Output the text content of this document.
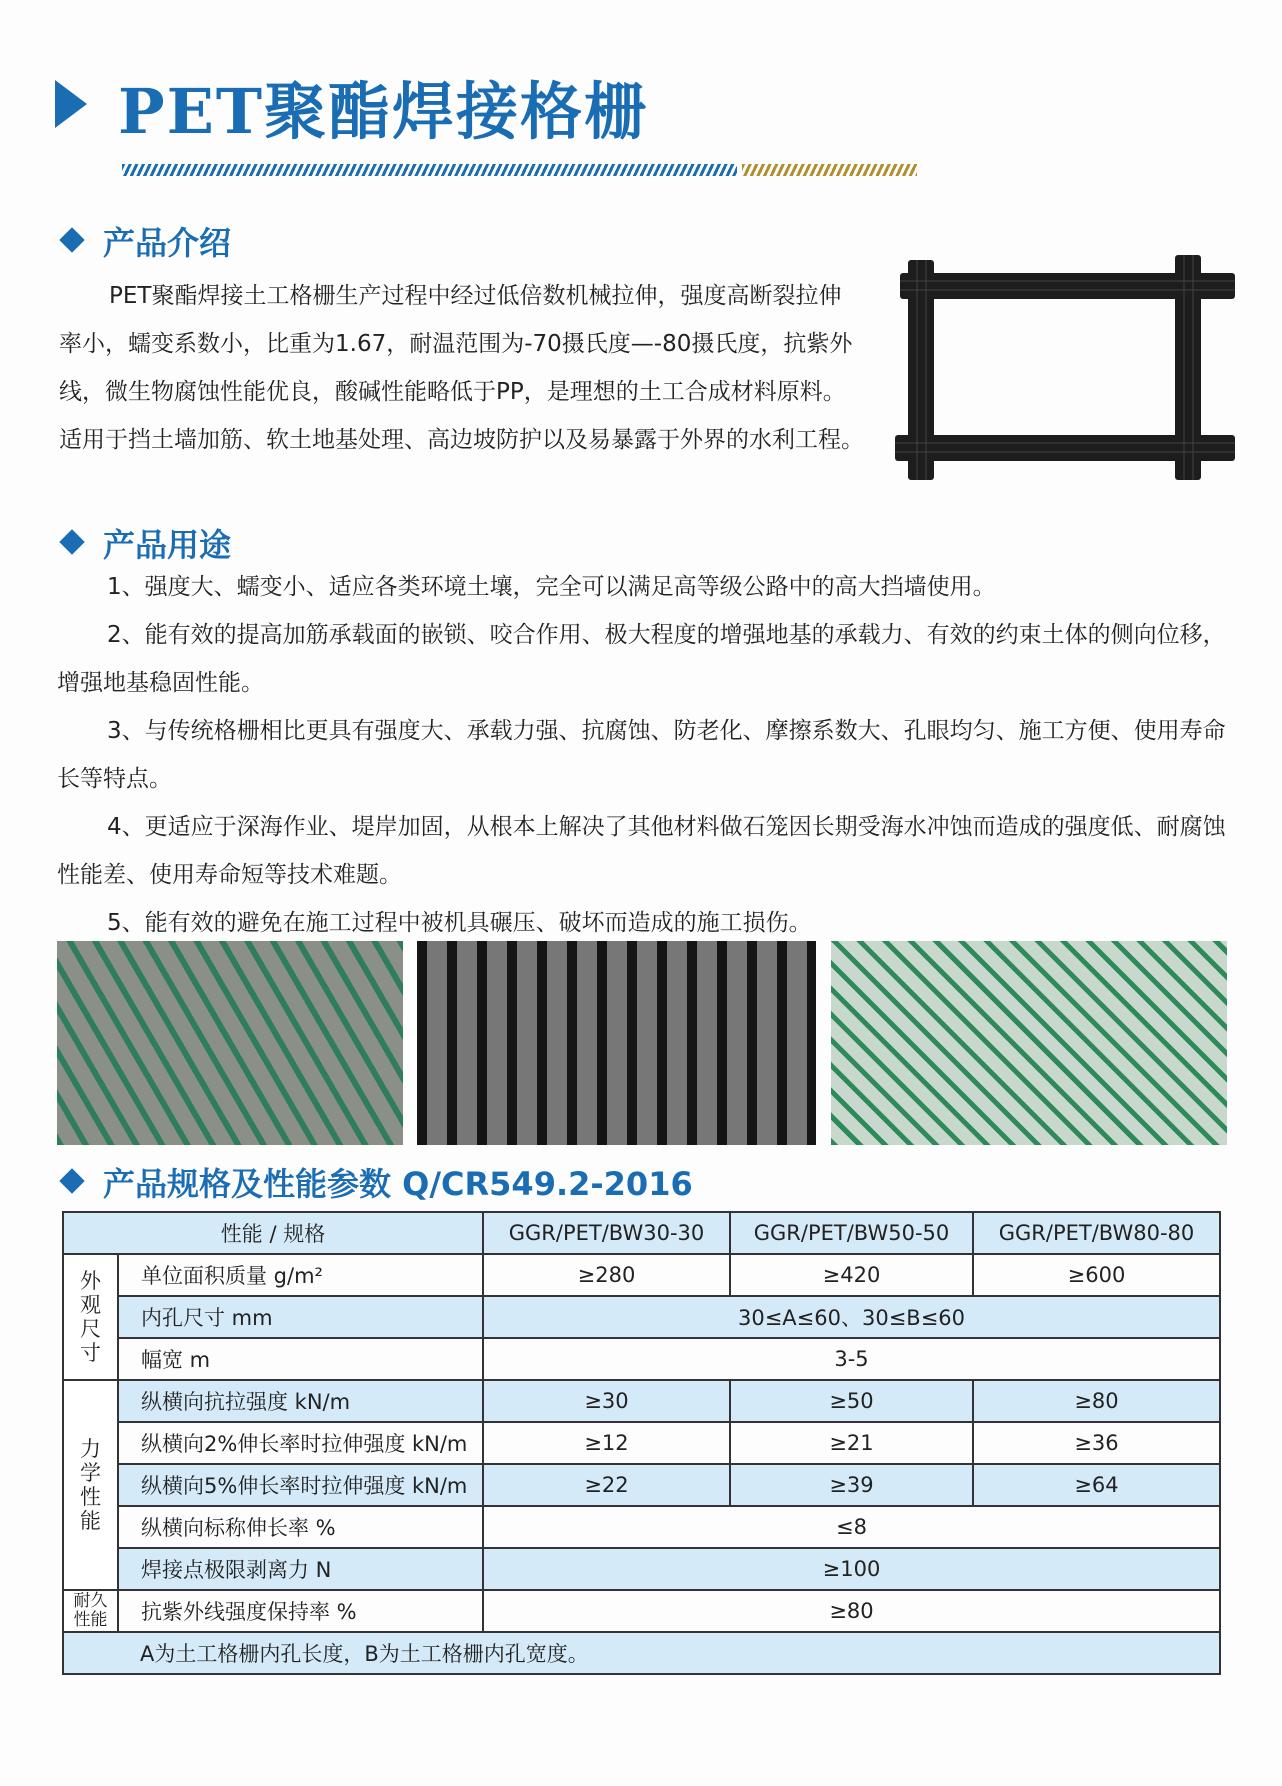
PET聚酯焊接格栅
产品介绍
PET聚酯焊接土工格栅生产过程中经过低倍数机械拉伸，强度高断裂拉伸率小，蠕变系数小，比重为1.67，耐温范围为-70摄氏度—-80摄氏度，抗紫外线，微生物腐蚀性能优良，酸碱性能略低于PP，是理想的土工合成材料原料。适用于挡土墙加筋、软土地基处理、高边坡防护以及易暴露于外界的水利工程。
产品用途

1、强度大、蠕变小、适应各类环境土壤，完全可以满足高等级公路中的高大挡墙使用。

2、能有效的提高加筋承载面的嵌锁、咬合作用、极大程度的增强地基的承载力、有效的约束土体的侧向位移，增强地基稳固性能。

3、与传统格栅相比更具有强度大、承载力强、抗腐蚀、防老化、摩擦系数大、孔眼均匀、施工方便、使用寿命长等特点。

4、更适应于深海作业、堤岸加固，从根本上解决了其他材料做石笼因长期受海水冲蚀而造成的强度低、耐腐蚀性能差、使用寿命短等技术难题。

5、能有效的避免在施工过程中被机具碾压、破坏而造成的施工损伤。

产品规格及性能参数 Q/CR549.2-2016
性能 / 规格		GGR/PET/BW30-30	GGR/PET/BW50-50	GGR/PET/BW80-80

外观尺寸	单位面积质量 g/m²	≥280	≥420	≥600
	内孔尺寸 mm	30≤A≤60、30≤B≤60		
	幅宽 m	3-5		

力学性能	纵横向抗拉强度 kN/m	≥30	≥50	≥80
	纵横向2%伸长率时拉伸强度 kN/m	≥12	≥21	≥36
	纵横向5%伸长率时拉伸强度 kN/m	≥22	≥39	≥64
	纵横向标称伸长率 %	≤8		
	焊接点极限剥离力 N	≥100		

耐久性能	抗紫外线强度保持率 %	≥80		
A为土工格栅内孔长度，B为土工格栅内孔宽度。				
